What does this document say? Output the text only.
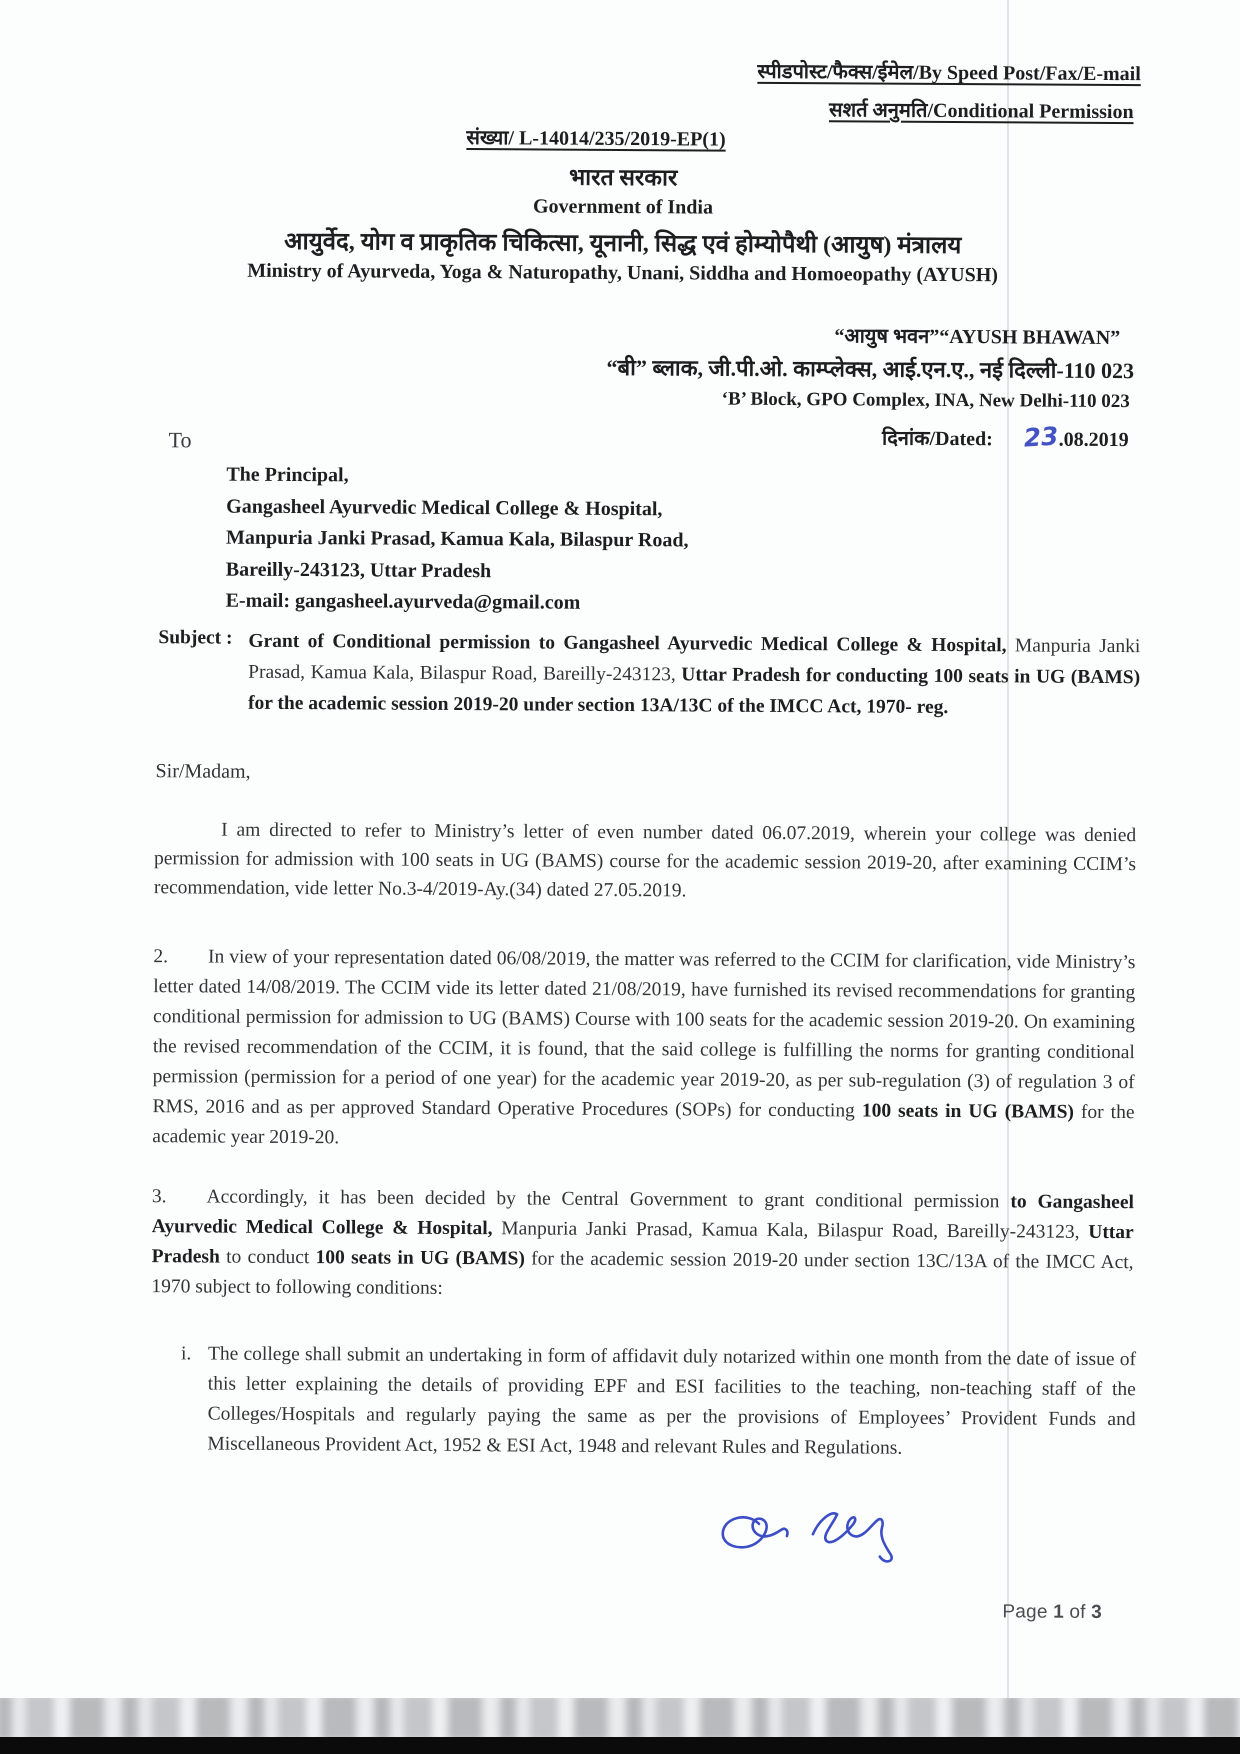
स्पीडपोस्ट/फैक्स/ईमेल/By Speed Post/Fax/E-mail
सशर्त अनुमति/Conditional Permission
संख्या/ L-14014/235/2019-EP(1)
भारत सरकार
Government of India
आयुर्वेद, योग व प्राकृतिक चिकित्सा, यूनानी, सिद्ध एवं होम्योपैथी (आयुष) मंत्रालय
Ministry of Ayurveda, Yoga & Naturopathy, Unani, Siddha and Homoeopathy (AYUSH)
“आयुष भवन”“AYUSH BHAWAN”
“बी” ब्लाक, जी.पी.ओ. काम्प्लेक्स, आई.एन.ए., नई दिल्ली-110 023
‘B’ Block, GPO Complex, INA, New Delhi-110 023
दिनांक/Dated: 23.08.2019
To
The Principal,
Gangasheel Ayurvedic Medical College & Hospital,
Manpuria Janki Prasad, Kamua Kala, Bilaspur Road,
Bareilly-243123, Uttar Pradesh
E-mail: gangasheel.ayurveda@gmail.com
Subject : Grant of Conditional permission to Gangasheel Ayurvedic Medical College & Hospital, Manpuria Janki Prasad, Kamua Kala, Bilaspur Road, Bareilly-243123, Uttar Pradesh for conducting 100 seats in UG (BAMS) for the academic session 2019-20 under section 13A/13C of the IMCC Act, 1970- reg.
Sir/Madam,
I am directed to refer to Ministry’s letter of even number dated 06.07.2019, wherein your college was denied permission for admission with 100 seats in UG (BAMS) course for the academic session 2019-20, after examining CCIM’s recommendation, vide letter No.3-4/2019-Ay.(34) dated 27.05.2019.
2. In view of your representation dated 06/08/2019, the matter was referred to the CCIM for clarification, vide Ministry’s letter dated 14/08/2019. The CCIM vide its letter dated 21/08/2019, have furnished its revised recommendations for granting conditional permission for admission to UG (BAMS) Course with 100 seats for the academic session 2019-20. On examining the revised recommendation of the CCIM, it is found, that the said college is fulfilling the norms for granting conditional permission (permission for a period of one year) for the academic year 2019-20, as per sub-regulation (3) of regulation 3 of RMS, 2016 and as per approved Standard Operative Procedures (SOPs) for conducting 100 seats in UG (BAMS) for the academic year 2019-20.
3. Accordingly, it has been decided by the Central Government to grant conditional permission to Gangasheel Ayurvedic Medical College & Hospital, Manpuria Janki Prasad, Kamua Kala, Bilaspur Road, Bareilly-243123, Uttar Pradesh to conduct 100 seats in UG (BAMS) for the academic session 2019-20 under section 13C/13A of the IMCC Act, 1970 subject to following conditions:
i. The college shall submit an undertaking in form of affidavit duly notarized within one month from the date of issue of this letter explaining the details of providing EPF and ESI facilities to the teaching, non-teaching staff of the Colleges/Hospitals and regularly paying the same as per the provisions of Employees’ Provident Funds and Miscellaneous Provident Act, 1952 & ESI Act, 1948 and relevant Rules and Regulations.
Page 1 of 3
